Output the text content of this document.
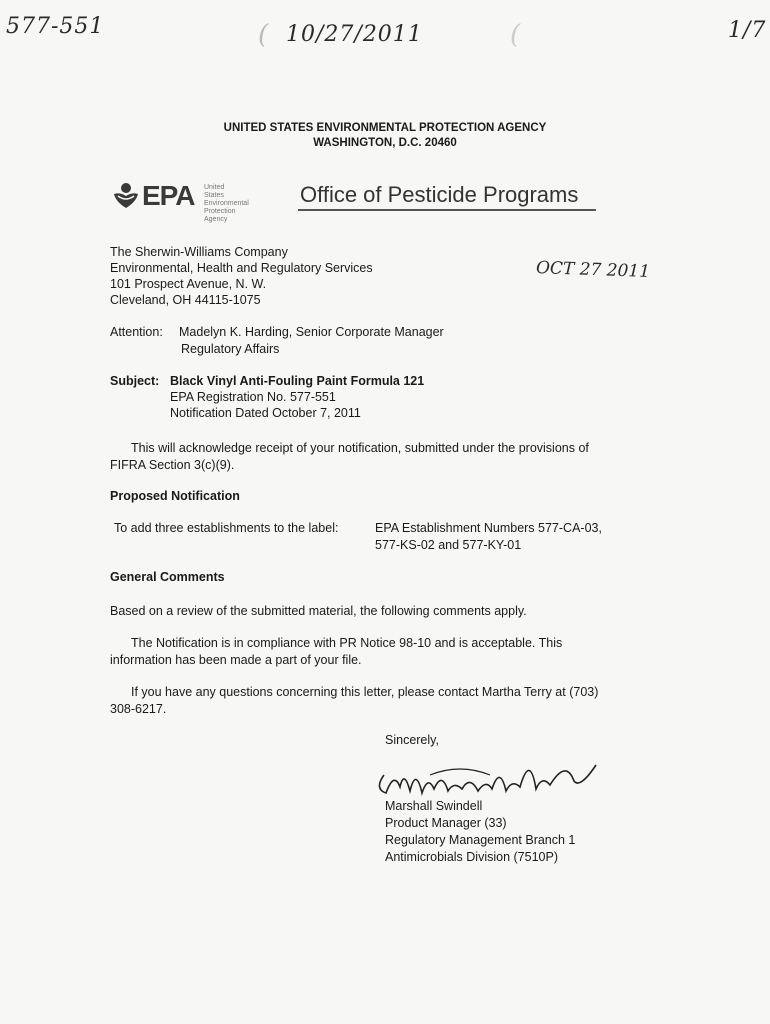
577-551	( 10/27/2011	(	1/7
UNITED STATES ENVIRONMENTAL PROTECTION AGENCY
WASHINGTON, D.C. 20460
EPA United States Environmental Protection Agency
Office of Pesticide Programs
The Sherwin-Williams Company
Environmental, Health and Regulatory Services
101 Prospect Avenue, N. W.
Cleveland, OH 44115-1075
OCT 27 2011
Attention: Madelyn K. Harding, Senior Corporate Manager
Regulatory Affairs
Subject: Black Vinyl Anti-Fouling Paint Formula 121
EPA Registration No. 577-551
Notification Dated October 7, 2011
This will acknowledge receipt of your notification, submitted under the provisions of
FIFRA Section 3(c)(9).
Proposed Notification
To add three establishments to the label:	EPA Establishment Numbers 577-CA-03,
577-KS-02 and 577-KY-01
General Comments
Based on a review of the submitted material, the following comments apply.
The Notification is in compliance with PR Notice 98-10 and is acceptable. This
information has been made a part of your file.
If you have any questions concerning this letter, please contact Martha Terry at (703)
308-6217.
Sincerely,
Marshall Swindell
Product Manager (33)
Regulatory Management Branch 1
Antimicrobials Division (7510P)
